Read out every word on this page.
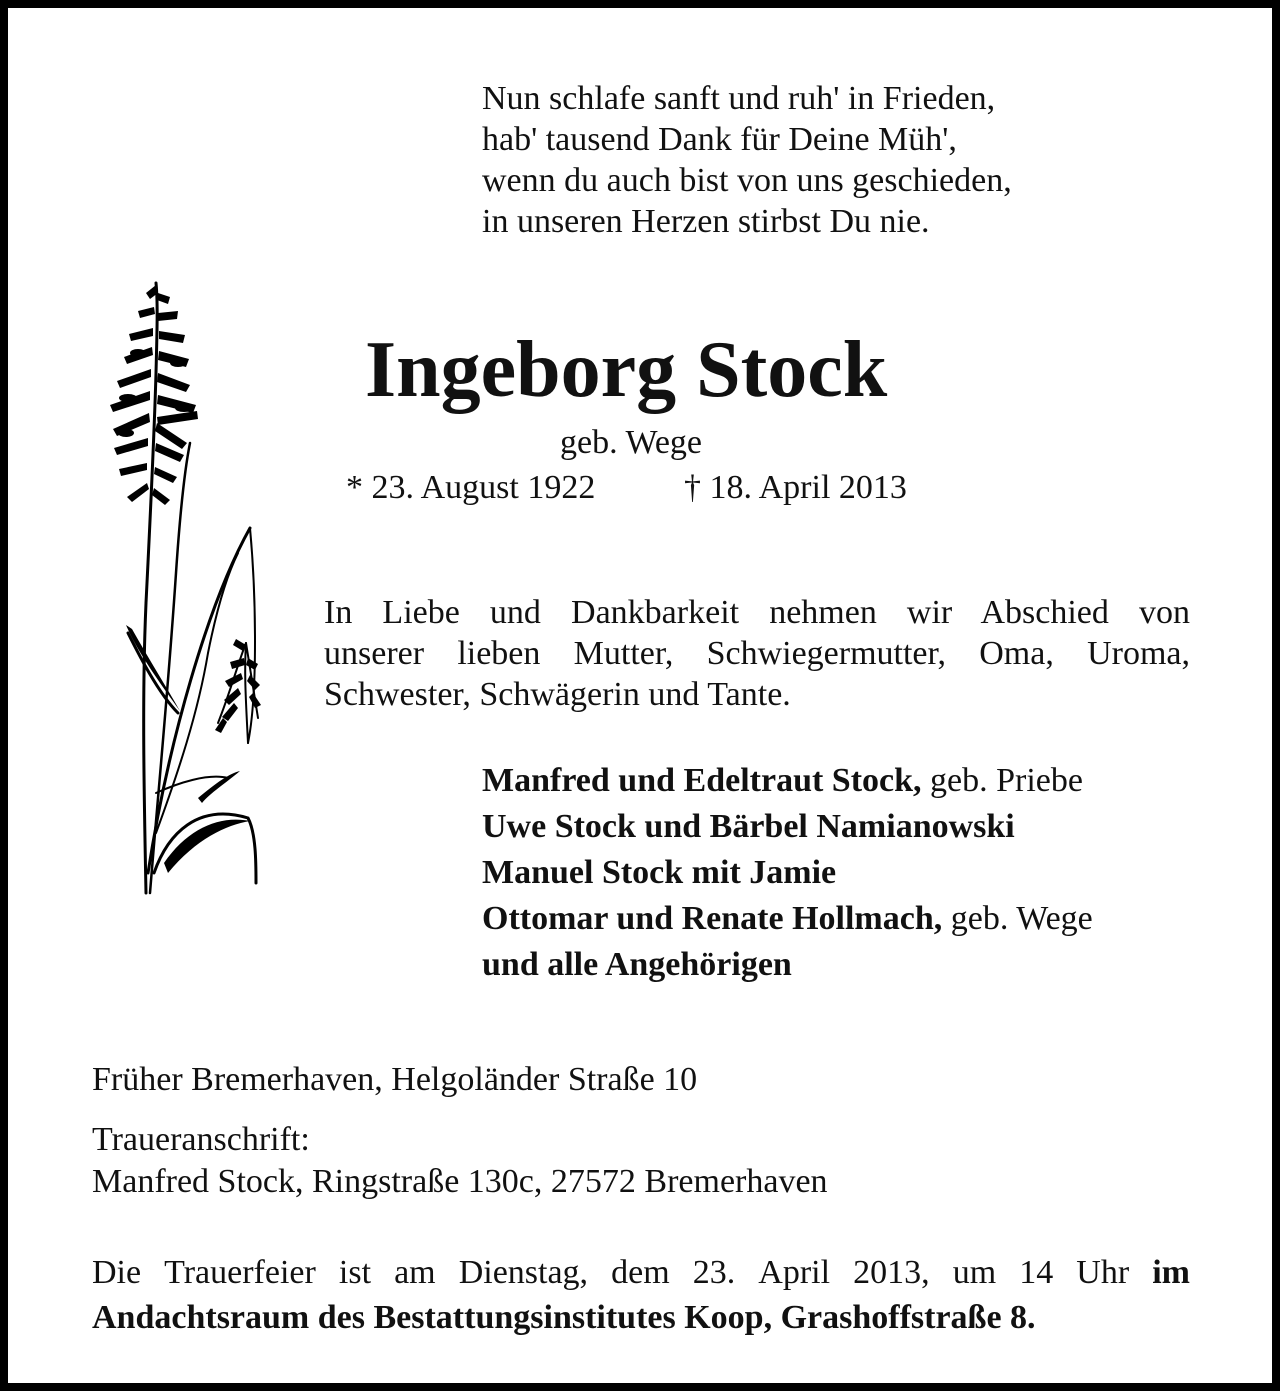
Nun schlafe sanft und ruh' in Frieden,
hab' tausend Dank für Deine Müh',
wenn du auch bist von uns geschieden,
in unseren Herzen stirbst Du nie.
Ingeborg Stock
geb. Wege
* 23. August 1922	† 18. April 2013
In Liebe und Dankbarkeit nehmen wir Abschied von
unserer lieben Mutter, Schwiegermutter, Oma, Uroma,
Schwester, Schwägerin und Tante.
Manfred und Edeltraut Stock, geb. Priebe
Uwe Stock und Bärbel Namianowski
Manuel Stock mit Jamie
Ottomar und Renate Hollmach, geb. Wege
und alle Angehörigen
Früher Bremerhaven, Helgoländer Straße 10
Traueranschrift:
Manfred Stock, Ringstraße 130c, 27572 Bremerhaven
Die Trauerfeier ist am Dienstag, dem 23. April 2013, um 14 Uhr im
Andachtsraum des Bestattungsinstitutes Koop, Grashoffstraße 8.
